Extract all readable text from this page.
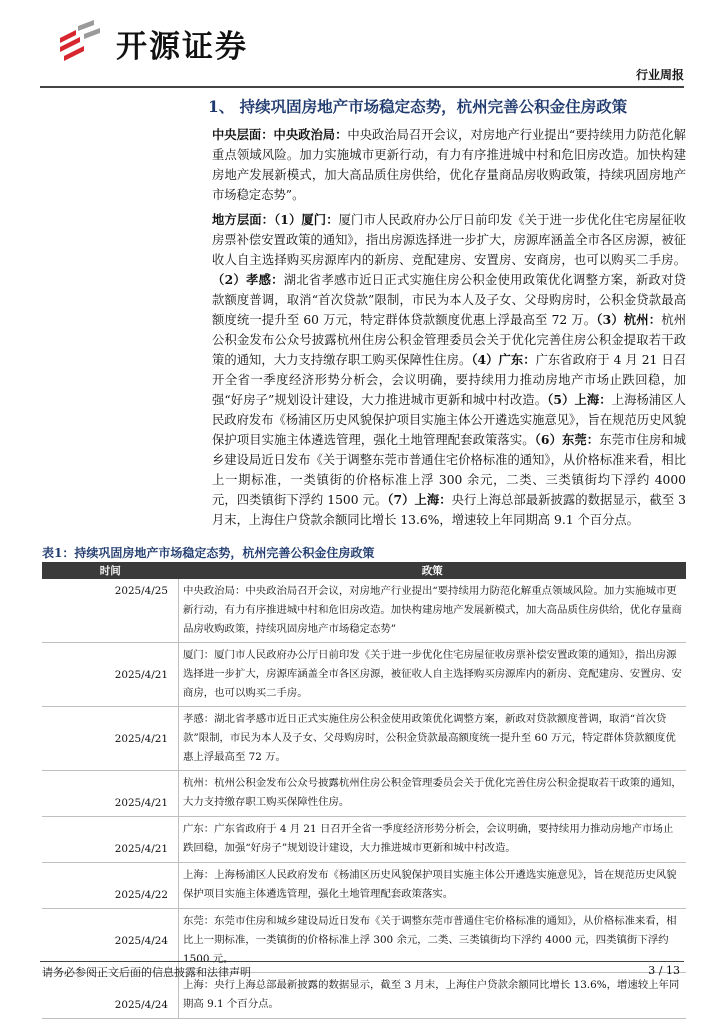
开源证券
行业周报
1、 持续巩固房地产市场稳定态势，杭州完善公积金住房政策
中央层面：中央政治局：中央政治局召开会议，对房地产行业提出“要持续用力防范化解重点领域风险。加力实施城市更新行动，有力有序推进城中村和危旧房改造。加快构建房地产发展新模式，加大高品质住房供给，优化存量商品房收购政策，持续巩固房地产市场稳定态势”。
地方层面：（1）厦门：厦门市人民政府办公厅日前印发《关于进一步优化住宅房屋征收房票补偿安置政策的通知》，指出房源选择进一步扩大，房源库涵盖全市各区房源，被征收人自主选择购买房源库内的新房、竞配建房、安置房、安商房，也可以购买二手房。（2）孝感：湖北省孝感市近日正式实施住房公积金使用政策优化调整方案，新政对贷款额度普调，取消“首次贷款”限制，市民为本人及子女、父母购房时，公积金贷款最高额度统一提升至 60 万元，特定群体贷款额度优惠上浮最高至 72 万。（3）杭州：杭州公积金发布公众号披露杭州住房公积金管理委员会关于优化完善住房公积金提取若干政策的通知，大力支持缴存职工购买保障性住房。（4）广东：广东省政府于 4 月 21 日召开全省一季度经济形势分析会，会议明确，要持续用力推动房地产市场止跌回稳，加强“好房子”规划设计建设，大力推进城市更新和城中村改造。（5）上海：上海杨浦区人民政府发布《杨浦区历史风貌保护项目实施主体公开遴选实施意见》，旨在规范历史风貌保护项目实施主体遴选管理，强化土地管理配套政策落实。（6）东莞：东莞市住房和城乡建设局近日发布《关于调整东莞市普通住宅价格标准的通知》，从价格标准来看，相比上一期标准，一类镇街的价格标准上浮 300 余元，二类、三类镇街均下浮约 4000 元，四类镇街下浮约 1500 元。（7）上海：央行上海总部最新披露的数据显示，截至 3 月末，上海住户贷款余额同比增长 13.6%，增速较上年同期高 9.1 个百分点。
表1：持续巩固房地产市场稳定态势，杭州完善公积金住房政策
时间	政策
2025/4/25	中央政治局：中央政治局召开会议，对房地产行业提出“要持续用力防范化解重点领域风险。加力实施城市更新行动，有力有序推进城中村和危旧房改造。加快构建房地产发展新模式，加大高品质住房供给，优化存量商品房收购政策，持续巩固房地产市场稳定态势”
2025/4/21	厦门：厦门市人民政府办公厅日前印发《关于进一步优化住宅房屋征收房票补偿安置政策的通知》，指出房源选择进一步扩大，房源库涵盖全市各区房源，被征收人自主选择购买房源库内的新房、竞配建房、安置房、安商房，也可以购买二手房。
2025/4/21	孝感：湖北省孝感市近日正式实施住房公积金使用政策优化调整方案，新政对贷款额度普调，取消“首次贷款”限制，市民为本人及子女、父母购房时，公积金贷款最高额度统一提升至 60 万元，特定群体贷款额度优惠上浮最高至 72 万。
2025/4/21	杭州：杭州公积金发布公众号披露杭州住房公积金管理委员会关于优化完善住房公积金提取若干政策的通知，大力支持缴存职工购买保障性住房。
2025/4/21	广东：广东省政府于 4 月 21 日召开全省一季度经济形势分析会，会议明确，要持续用力推动房地产市场止跌回稳，加强“好房子”规划设计建设，大力推进城市更新和城中村改造。
2025/4/22	上海：上海杨浦区人民政府发布《杨浦区历史风貌保护项目实施主体公开遴选实施意见》，旨在规范历史风貌保护项目实施主体遴选管理，强化土地管理配套政策落实。
2025/4/24	东莞：东莞市住房和城乡建设局近日发布《关于调整东莞市普通住宅价格标准的通知》，从价格标准来看，相比上一期标准，一类镇街的价格标准上浮 300 余元，二类、三类镇街均下浮约 4000 元，四类镇街下浮约 1500 元。
2025/4/24	上海：央行上海总部最新披露的数据显示，截至 3 月末，上海住户贷款余额同比增长 13.6%，增速较上年同期高 9.1 个百分点。
请务必参阅正文后面的信息披露和法律声明	3 / 13
